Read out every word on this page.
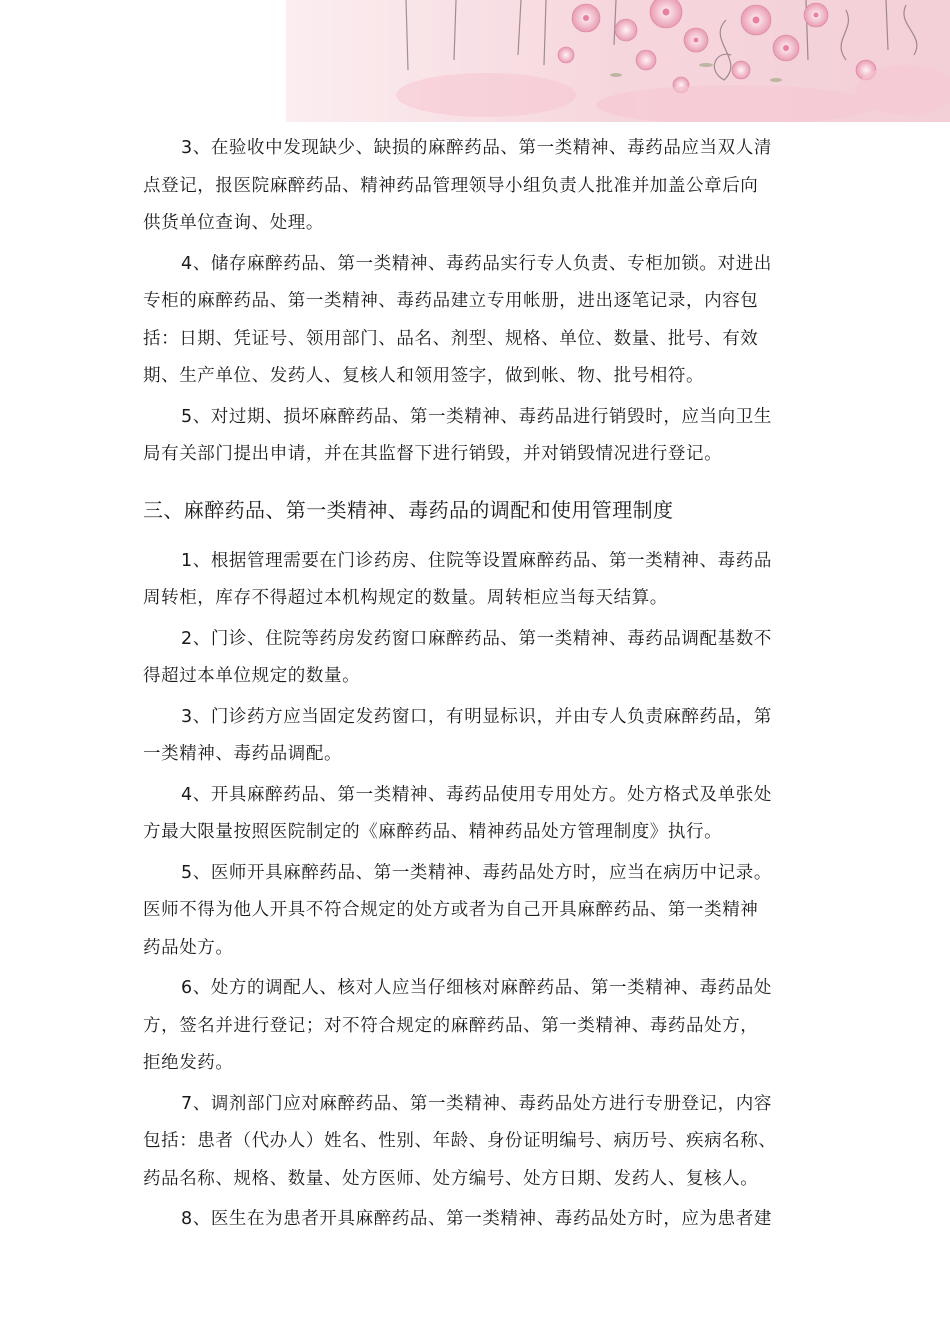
3、在验收中发现缺少、缺损的麻醉药品、第一类精神、毒药品应当双人清
点登记，报医院麻醉药品、精神药品管理领导小组负责人批准并加盖公章后向
供货单位查询、处理。
4、储存麻醉药品、第一类精神、毒药品实行专人负责、专柜加锁。对进出
专柜的麻醉药品、第一类精神、毒药品建立专用帐册，进出逐笔记录，内容包
括：日期、凭证号、领用部门、品名、剂型、规格、单位、数量、批号、有效
期、生产单位、发药人、复核人和领用签字，做到帐、物、批号相符。
5、对过期、损坏麻醉药品、第一类精神、毒药品进行销毁时，应当向卫生
局有关部门提出申请，并在其监督下进行销毁，并对销毁情况进行登记。
三、麻醉药品、第一类精神、毒药品的调配和使用管理制度
1、根据管理需要在门诊药房、住院等设置麻醉药品、第一类精神、毒药品
周转柜，库存不得超过本机构规定的数量。周转柜应当每天结算。
2、门诊、住院等药房发药窗口麻醉药品、第一类精神、毒药品调配基数不
得超过本单位规定的数量。
3、门诊药方应当固定发药窗口，有明显标识，并由专人负责麻醉药品，第
一类精神、毒药品调配。
4、开具麻醉药品、第一类精神、毒药品使用专用处方。处方格式及单张处
方最大限量按照医院制定的《麻醉药品、精神药品处方管理制度》执行。
5、医师开具麻醉药品、第一类精神、毒药品处方时，应当在病历中记录。
医师不得为他人开具不符合规定的处方或者为自己开具麻醉药品、第一类精神
药品处方。
6、处方的调配人、核对人应当仔细核对麻醉药品、第一类精神、毒药品处
方，签名并进行登记；对不符合规定的麻醉药品、第一类精神、毒药品处方，
拒绝发药。
7、调剂部门应对麻醉药品、第一类精神、毒药品处方进行专册登记，内容
包括：患者（代办人）姓名、性别、年龄、身份证明编号、病历号、疾病名称、
药品名称、规格、数量、处方医师、处方编号、处方日期、发药人、复核人。
8、医生在为患者开具麻醉药品、第一类精神、毒药品处方时，应为患者建
